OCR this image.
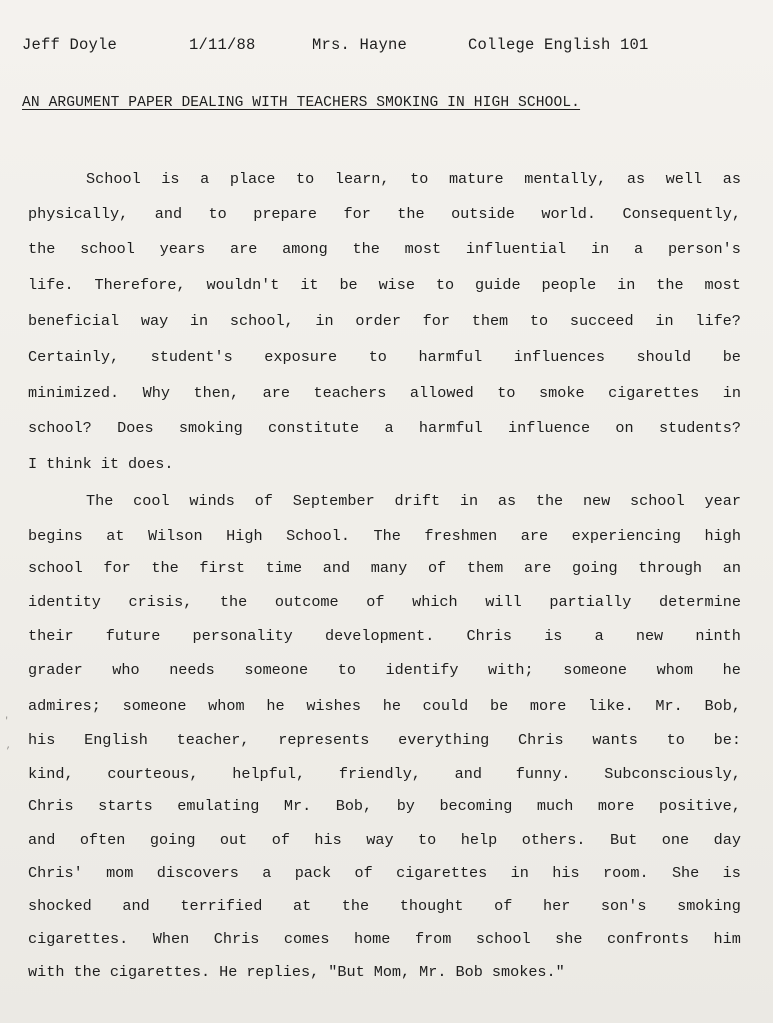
Jeff Doyle	1/11/88	Mrs. Hayne	College English 101
AN ARGUMENT PAPER DEALING WITH TEACHERS SMOKING IN HIGH SCHOOL.
School is a place to learn, to mature mentally, as well as
physically, and to prepare for the outside world. Consequently,
the school years are among the most influential in a person's
life. Therefore, wouldn't it be wise to guide people in the most
beneficial way in school, in order for them to succeed in life?
Certainly, student's exposure to harmful influences should be
minimized. Why then, are teachers allowed to smoke cigarettes in
school? Does smoking constitute a harmful influence on students?
I think it does.
The cool winds of September drift in as the new school year
begins at Wilson High School. The freshmen are experiencing high
school for the first time and many of them are going through an
identity crisis, the outcome of which will partially determine
their future personality development. Chris is a new ninth
grader who needs someone to identify with; someone whom he
admires; someone whom he wishes he could be more like. Mr. Bob,
his English teacher, represents everything Chris wants to be:
kind, courteous, helpful, friendly, and funny. Subconsciously,
Chris starts emulating Mr. Bob, by becoming much more positive,
and often going out of his way to help others. But one day
Chris' mom discovers a pack of cigarettes in his room. She is
shocked and terrified at the thought of her son's smoking
cigarettes. When Chris comes home from school she confronts him
with the cigarettes. He replies, "But Mom, Mr. Bob smokes."
'
,
